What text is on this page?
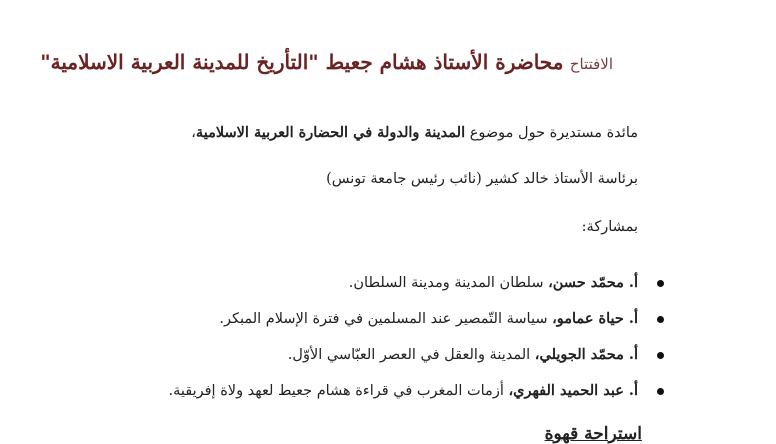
الافتتاح محاضرة الأستاذ هشام جعيط "التأريخ للمدينة العربية الاسلامية"
مائدة مستديرة حول موضوع المدينة والدولة في الحضارة العربية الاسلامية،
برئاسة الأستاذ خالد كشير (نائب رئيس جامعة تونس)
بمشاركة:
أ. محمّد حسن، سلطان المدينة ومدينة السلطان.
أ. حياة عمامو، سياسة التّمصير عند المسلمين في فترة الإسلام المبكر.
أ. محمّد الجويلي، المدينة والعقل في العصر العبّاسي الأوّل.
أ. عبد الحميد الفهري، أزمات المغرب في قراءة هشام جعيط لعهد ولاة إفريقية.
استراحة قهوة
